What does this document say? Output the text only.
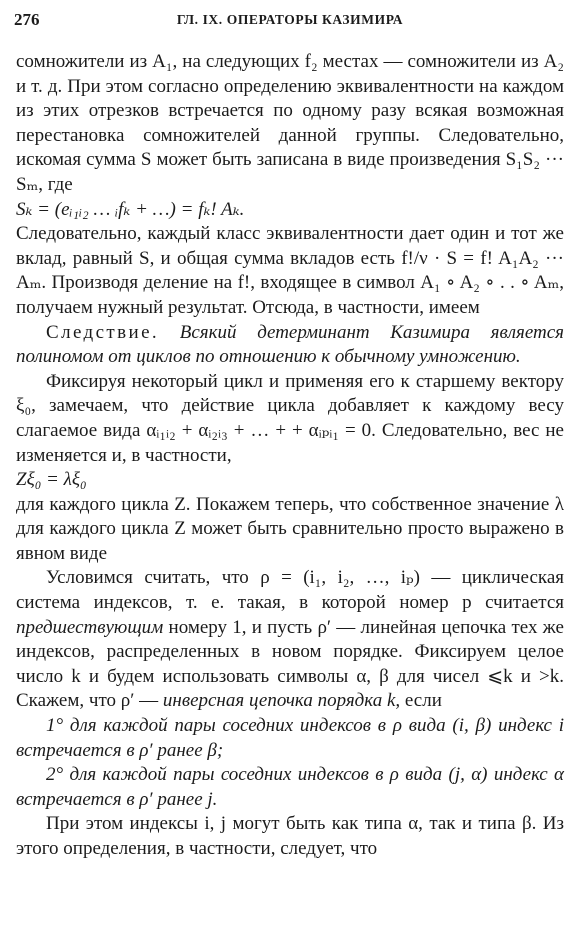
276	ГЛ. IX. ОПЕРАТОРЫ КАЗИМИРА

сомножители из A₁, на следующих f₂ местах — сомножители из A₂ и т. д. При этом согласно определению эквивалентности на каждом из этих отрезков встречается по одному разу всякая возможная перестановка сомножителей данной группы. Следовательно, искомая сумма S может быть записана в виде произведения S₁S₂ ··· Sₘ, где

Sₖ = (eᵢ₁ᵢ₂ … ᵢfₖ + …) = fₖ! Aₖ.

Следовательно, каждый класс эквивалентности дает один и тот же вклад, равный S, и общая сумма вкладов есть f!/ν · S = f! A₁A₂ ··· Aₘ. Производя деление на f!, входящее в символ A₁ ∘ A₂ ∘ . . ∘ Aₘ, получаем нужный результат. Отсюда, в частности, имеем

Следствие. Всякий детерминант Казимира является полиномом от циклов по отношению к обычному умножению.

Фиксируя некоторый цикл и применяя его к старшему вектору ξ₀, замечаем, что действие цикла добавляет к каждому весу слагаемое вида αᵢ₁ᵢ₂ + αᵢ₂ᵢ₃ + … + + αᵢₚᵢ₁ = 0. Следовательно, вес не изменяется и, в частности,

Zξ₀ = λξ₀

для каждого цикла Z. Покажем теперь, что собственное значение λ для каждого цикла Z может быть сравнительно просто выражено в явном виде

Условимся считать, что ρ = (i₁, i₂, …, iₚ) — циклическая система индексов, т. е. такая, в которой номер p считается предшествующим номеру 1, и пусть ρ′ — линейная цепочка тех же индексов, распределенных в новом порядке. Фиксируем целое число k и будем использовать символы α, β для чисел ⩽k и >k. Скажем, что ρ′ — инверсная цепочка порядка k, если

1° для каждой пары соседних индексов в ρ вида (i, β) индекс i встречается в ρ′ ранее β;

2° для каждой пары соседних индексов в ρ вида (j, α) индекс α встречается в ρ′ ранее j.

При этом индексы i, j могут быть как типа α, так и типа β. Из этого определения, в частности, следует, что
